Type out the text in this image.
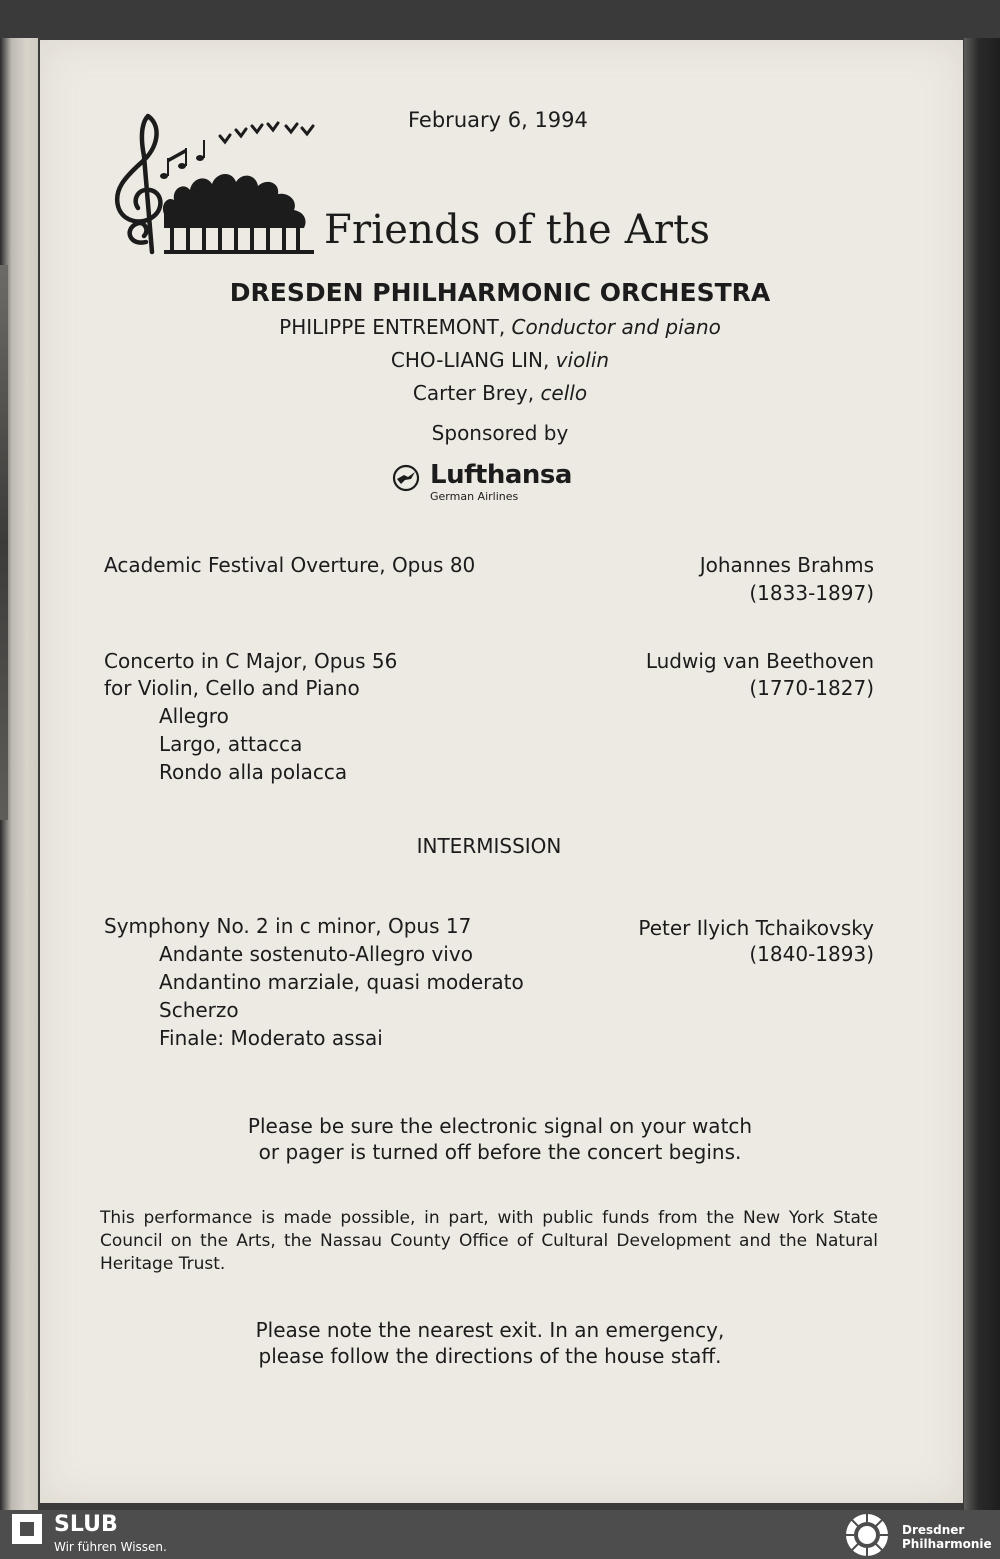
February 6, 1994
Friends of the Arts
DRESDEN PHILHARMONIC ORCHESTRA
PHILIPPE ENTREMONT, Conductor and piano
CHO-LIANG LIN, violin
Carter Brey, cello
Sponsored by
Lufthansa
German Airlines
Academic Festival Overture, Opus 80	Johannes Brahms
(1833-1897)
Concerto in C Major, Opus 56
for Violin, Cello and Piano
Ludwig van Beethoven
(1770-1827)
Allegro
Largo, attacca
Rondo alla polacca
INTERMISSION
Symphony No. 2 in c minor, Opus 17	Peter Ilyich Tchaikovsky
(1840-1893)
Andante sostenuto-Allegro vivo
Andantino marziale, quasi moderato
Scherzo
Finale: Moderato assai
Please be sure the electronic signal on your watch
or pager is turned off before the concert begins.
This performance is made possible, in part, with public funds from the New York State Council on the Arts, the Nassau County Office of Cultural Development and the Natural Heritage Trust.
Please note the nearest exit. In an emergency,
please follow the directions of the house staff.
SLUB
Wir führen Wissen.
Dresdner
Philharmonie
